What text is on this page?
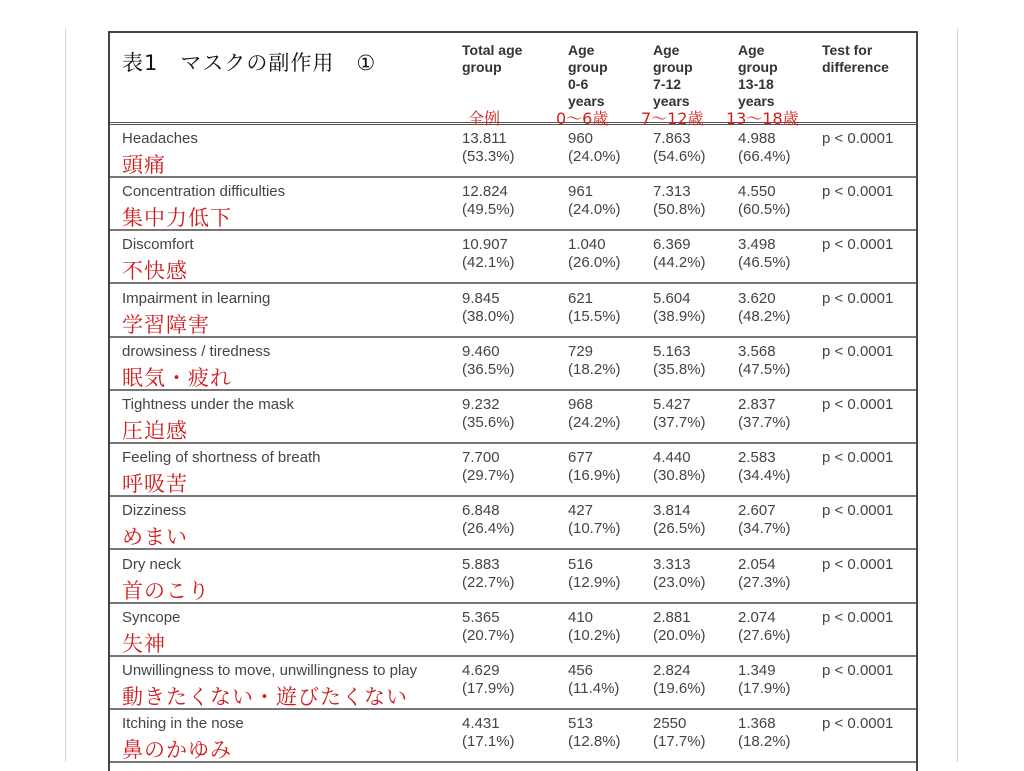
表1　マスクの副作用　①
Total age
group
Age
group
0-6
years
Age
group
7-12
years
Age
group
13-18
years
Test for
difference
全例	0〜6歳 7〜12歳 13〜18歳
Headaches
頭痛
13.811
(53.3%)
960
(24.0%)
7.863
(54.6%)
4.988
(66.4%)
p < 0.0001
Concentration difficulties
集中力低下
12.824
(49.5%)
961
(24.0%)
7.313
(50.8%)
4.550
(60.5%)
p < 0.0001
Discomfort
不快感
10.907
(42.1%)
1.040
(26.0%)
6.369
(44.2%)
3.498
(46.5%)
p < 0.0001
Impairment in learning
学習障害
9.845
(38.0%)
621
(15.5%)
5.604
(38.9%)
3.620
(48.2%)
p < 0.0001
drowsiness / tiredness
眠気・疲れ
9.460
(36.5%)
729
(18.2%)
5.163
(35.8%)
3.568
(47.5%)
p < 0.0001
Tightness under the mask
圧迫感
9.232
(35.6%)
968
(24.2%)
5.427
(37.7%)
2.837
(37.7%)
p < 0.0001
Feeling of shortness of breath
呼吸苦
7.700
(29.7%)
677
(16.9%)
4.440
(30.8%)
2.583
(34.4%)
p < 0.0001
Dizziness
めまい
6.848
(26.4%)
427
(10.7%)
3.814
(26.5%)
2.607
(34.7%)
p < 0.0001
Dry neck
首のこり
5.883
(22.7%)
516
(12.9%)
3.313
(23.0%)
2.054
(27.3%)
p < 0.0001
Syncope
失神
5.365
(20.7%)
410
(10.2%)
2.881
(20.0%)
2.074
(27.6%)
p < 0.0001
Unwillingness to move, unwillingness to play
動きたくない・遊びたくない
4.629
(17.9%)
456
(11.4%)
2.824
(19.6%)
1.349
(17.9%)
p < 0.0001
Itching in the nose
鼻のかゆみ
4.431
(17.1%)
513
(12.8%)
2550
(17.7%)
1.368
(18.2%)
p < 0.0001
